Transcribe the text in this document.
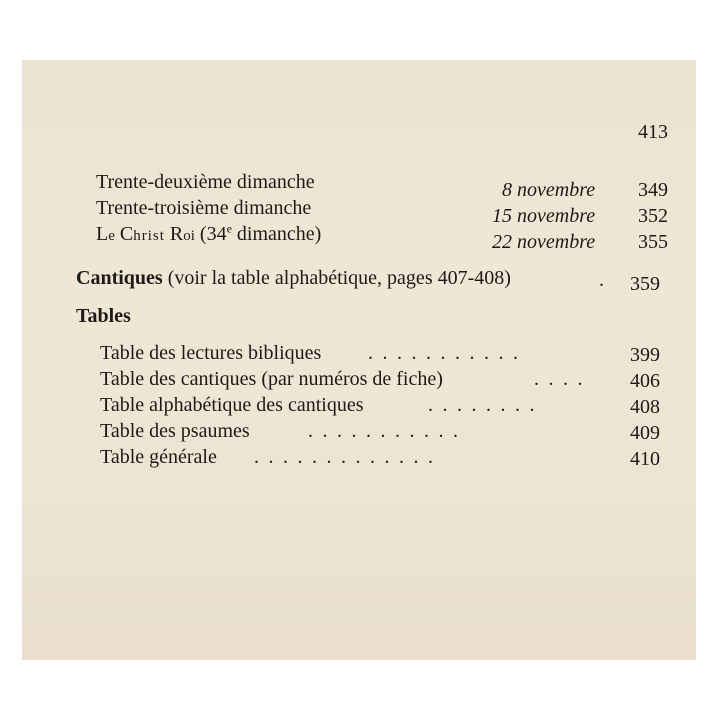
413
Trente-deuxième dimanche	8 novembre	349
Trente-troisième dimanche	15 novembre	352
Le Christ Roi (34e dimanche)	22 novembre	355
Cantiques (voir la table alphabétique, pages 407-408)	. 359
Tables
Table des lectures bibliques ...........	399
Table des cantiques (par numéros de fiche)	....	406
Table alphabétique des cantiques	........	408
Table des psaumes	...........	409
Table générale .............	410
